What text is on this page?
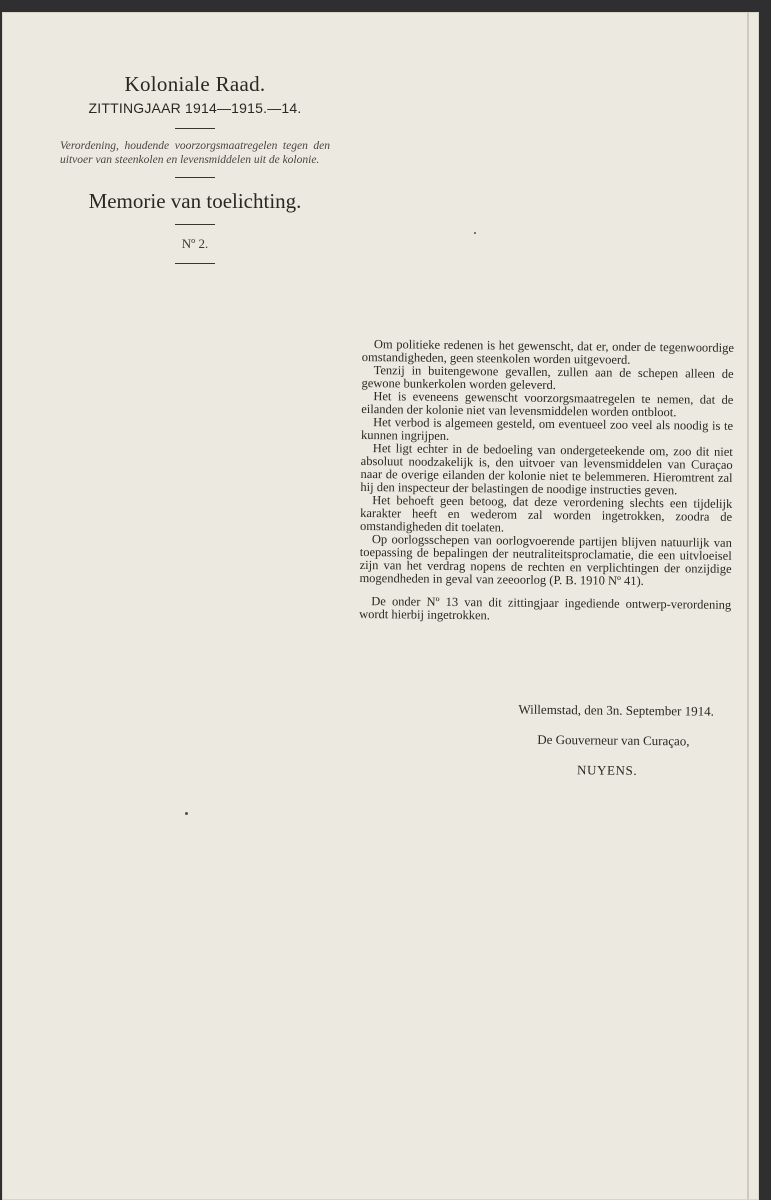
Koloniale Raad.

ZITTINGJAAR 1914—1915.—14.

Verordening, houdende voorzorgsmaatregelen tegen den uitvoer van steenkolen en levensmiddelen uit de kolonie.

Memorie van toelichting.

Nº 2.

Om politieke redenen is het gewenscht, dat er, onder de tegenwoordige omstandigheden, geen steenkolen worden uitgevoerd.

Tenzij in buitengewone gevallen, zullen aan de schepen alleen de gewone bunkerkolen worden geleverd.

Het is eveneens gewenscht voorzorgsmaatregelen te nemen, dat de eilanden der kolonie niet van levensmiddelen worden ontbloot.

Het verbod is algemeen gesteld, om eventueel zoo veel als noodig is te kunnen ingrijpen.

Het ligt echter in de bedoeling van ondergeteekende om, zoo dit niet absoluut noodzakelijk is, den uitvoer van levensmiddelen van Curaçao naar de overige eilanden der kolonie niet te belemmeren. Hieromtrent zal hij den inspecteur der belastingen de noodige instructies geven.

Het behoeft geen betoog, dat deze verordening slechts een tijdelijk karakter heeft en wederom zal worden ingetrokken, zoodra de omstandigheden dit toelaten.

Op oorlogsschepen van oorlogvoerende partijen blijven natuurlijk van toepassing de bepalingen der neutraliteitsproclamatie, die een uitvloeisel zijn van het verdrag nopens de rechten en verplichtingen der onzijdige mogendheden in geval van zeeoorlog (P. B. 1910 Nº 41).

De onder Nº 13 van dit zittingjaar ingediende ontwerp-verordening wordt hierbij ingetrokken.

Willemstad, den 3n. September 1914.
De Gouverneur van Curaçao,
NUYENS.
